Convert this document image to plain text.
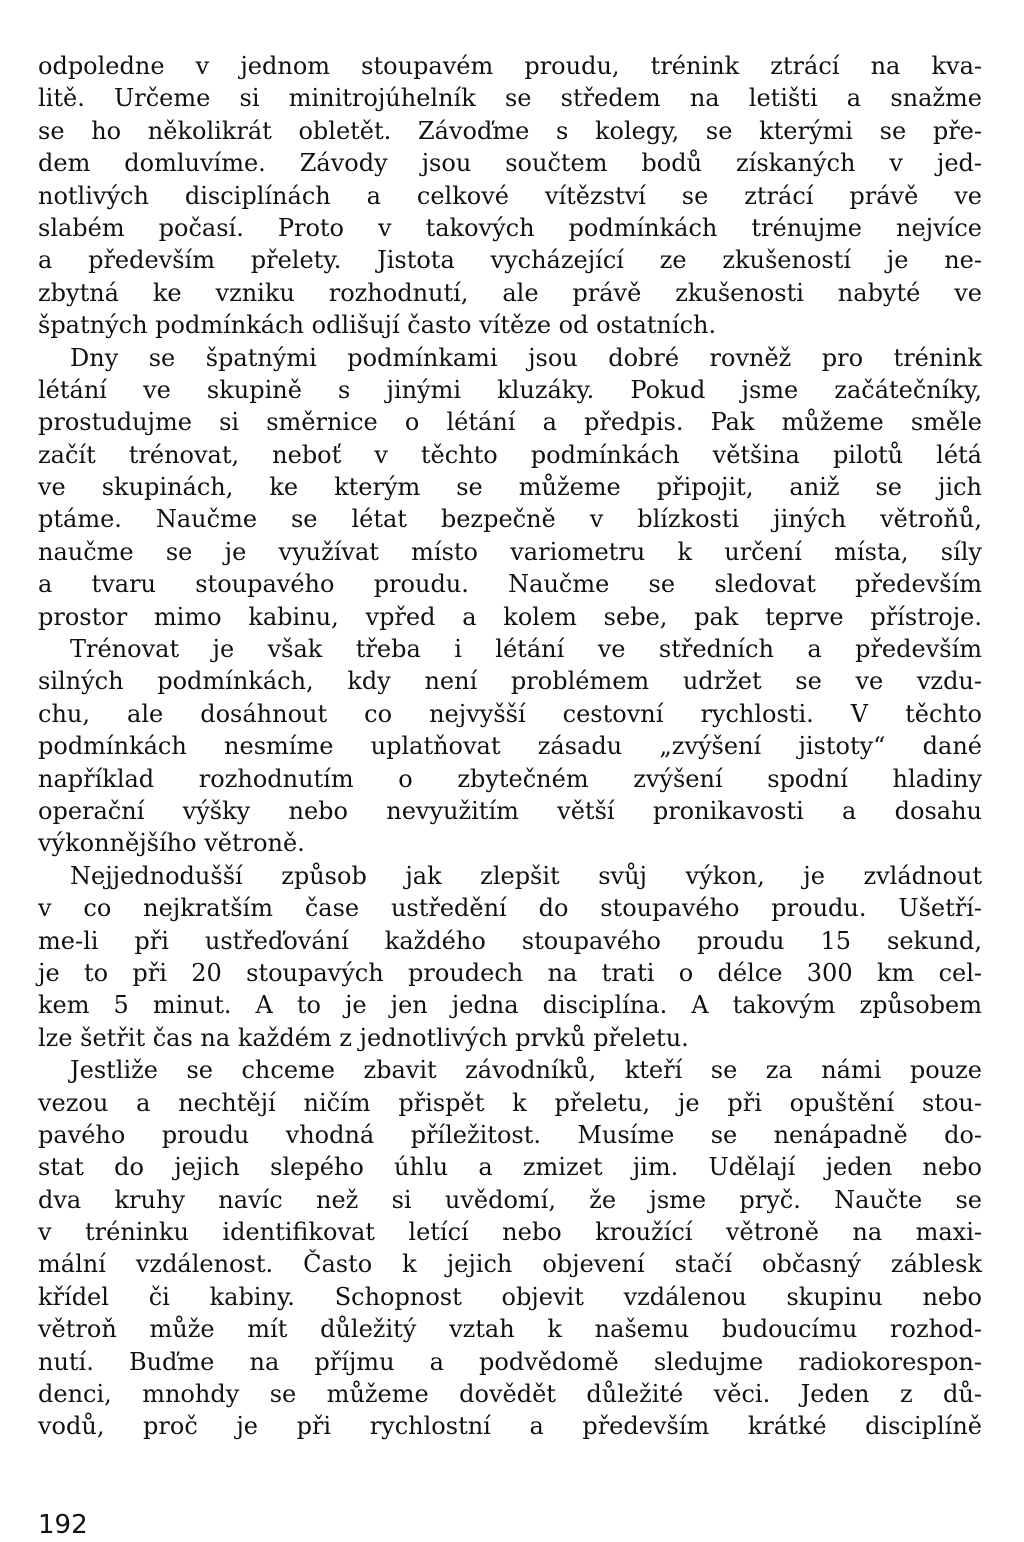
odpoledne v jednom stoupavém proudu, trénink ztrácí na kva-
litě. Určeme si minitrojúhelník se středem na letišti a snažme
se ho několikrát obletět. Závoďme s kolegy, se kterými se pře-
dem domluvíme. Závody jsou součtem bodů získaných v jed-
notlivých disciplínách a celkové vítězství se ztrácí právě ve
slabém počasí. Proto v takových podmínkách trénujme nejvíce
a především přelety. Jistota vycházející ze zkušeností je ne-
zbytná ke vzniku rozhodnutí, ale právě zkušenosti nabyté ve
špatných podmínkách odlišují často vítěze od ostatních.
Dny se špatnými podmínkami jsou dobré rovněž pro trénink
létání ve skupině s jinými kluzáky. Pokud jsme začátečníky,
prostudujme si směrnice o létání a předpis. Pak můžeme směle
začít trénovat, neboť v těchto podmínkách většina pilotů létá
ve skupinách, ke kterým se můžeme připojit, aniž se jich
ptáme. Naučme se létat bezpečně v blízkosti jiných větroňů,
naučme se je využívat místo variometru k určení místa, síly
a tvaru stoupavého proudu. Naučme se sledovat především
prostor mimo kabinu, vpřed a kolem sebe, pak teprve přístroje.
Trénovat je však třeba i létání ve středních a především
silných podmínkách, kdy není problémem udržet se ve vzdu-
chu, ale dosáhnout co nejvyšší cestovní rychlosti. V těchto
podmínkách nesmíme uplatňovat zásadu „zvýšení jistoty“ dané
například rozhodnutím o zbytečném zvýšení spodní hladiny
operační výšky nebo nevyužitím větší pronikavosti a dosahu
výkonnějšího větroně.
Nejjednodušší způsob jak zlepšit svůj výkon, je zvládnout
v co nejkratším čase ustředění do stoupavého proudu. Ušetří-
me-li při ustřeďování každého stoupavého proudu 15 sekund,
je to při 20 stoupavých proudech na trati o délce 300 km cel-
kem 5 minut. A to je jen jedna disciplína. A takovým způsobem
lze šetřit čas na každém z jednotlivých prvků přeletu.
Jestliže se chceme zbavit závodníků, kteří se za námi pouze
vezou a nechtějí ničím přispět k přeletu, je při opuštění stou-
pavého proudu vhodná příležitost. Musíme se nenápadně do-
stat do jejich slepého úhlu a zmizet jim. Udělají jeden nebo
dva kruhy navíc než si uvědomí, že jsme pryč. Naučte se
v tréninku identifikovat letící nebo kroužící větroně na maxi-
mální vzdálenost. Často k jejich objevení stačí občasný záblesk
křídel či kabiny. Schopnost objevit vzdálenou skupinu nebo
větroň může mít důležitý vztah k našemu budoucímu rozhod-
nutí. Buďme na příjmu a podvědomě sledujme radiokorespon-
denci, mnohdy se můžeme dovědět důležité věci. Jeden z dů-
vodů, proč je při rychlostní a především krátké disciplíně
192
